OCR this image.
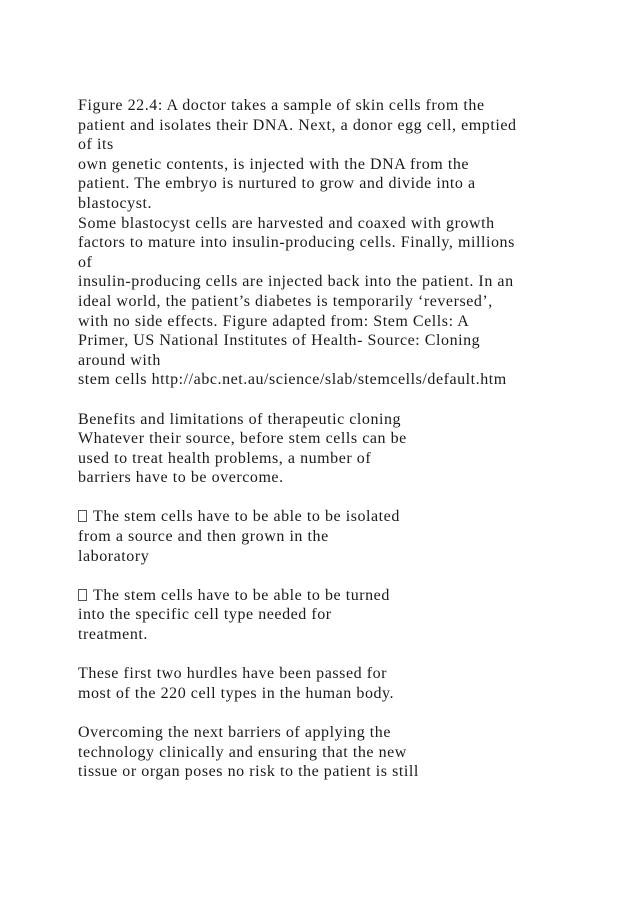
Figure 22.4: A doctor takes a sample of skin cells from the
patient and isolates their DNA. Next, a donor egg cell, emptied
of its
own genetic contents, is injected with the DNA from the
patient. The embryo is nurtured to grow and divide into a
blastocyst.
Some blastocyst cells are harvested and coaxed with growth
factors to mature into insulin-producing cells. Finally, millions
of
insulin-producing cells are injected back into the patient. In an
ideal world, the patient’s diabetes is temporarily ‘reversed’,
with no side effects. Figure adapted from: Stem Cells: A
Primer, US National Institutes of Health- Source: Cloning
around with
stem cells http://abc.net.au/science/slab/stemcells/default.htm
Benefits and limitations of therapeutic cloning
Whatever their source, before stem cells can be
used to treat health problems, a number of
barriers have to be overcome.
The stem cells have to be able to be isolated
from a source and then grown in the
laboratory
The stem cells have to be able to be turned
into the specific cell type needed for
treatment.
These first two hurdles have been passed for
most of the 220 cell types in the human body.
Overcoming the next barriers of applying the
technology clinically and ensuring that the new
tissue or organ poses no risk to the patient is still
